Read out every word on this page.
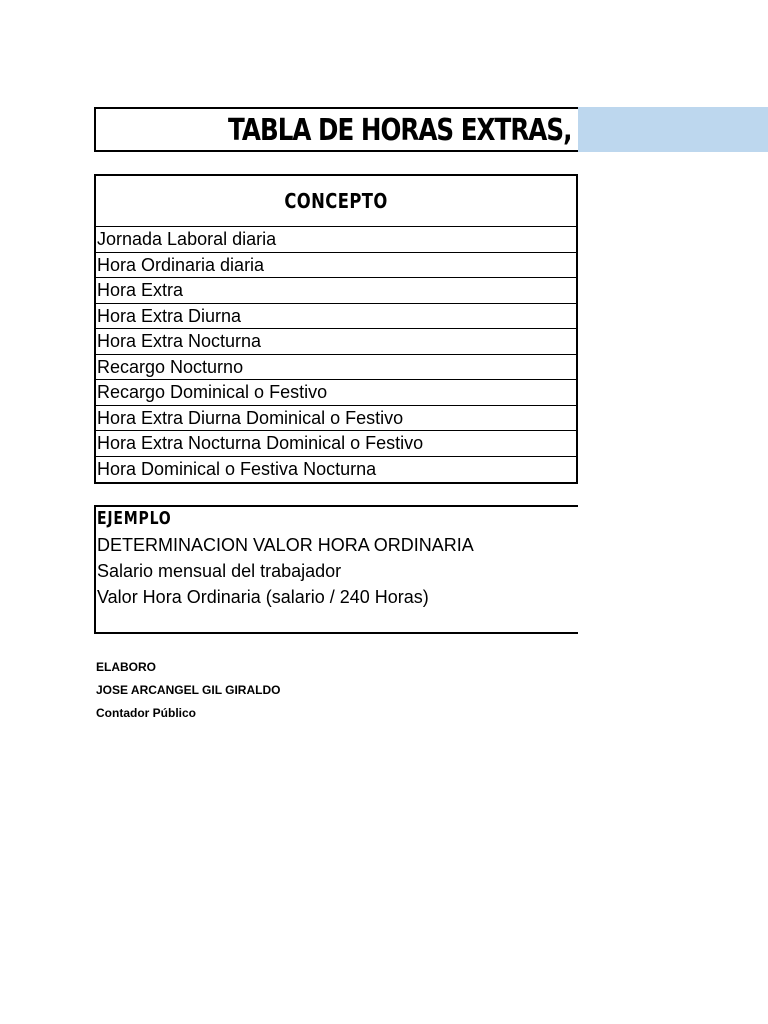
TABLA DE HORAS EXTRAS,
CONCEPTO
Jornada Laboral diaria
Hora Ordinaria diaria
Hora Extra
Hora Extra Diurna
Hora Extra Nocturna
Recargo Nocturno
Recargo Dominical o Festivo
Hora Extra Diurna Dominical o Festivo
Hora Extra Nocturna Dominical o Festivo
Hora Dominical o Festiva Nocturna
EJEMPLO
DETERMINACION VALOR HORA ORDINARIA
Salario mensual del trabajador
Valor Hora Ordinaria (salario / 240 Horas)
ELABORO
JOSE ARCANGEL GIL GIRALDO
Contador Público
